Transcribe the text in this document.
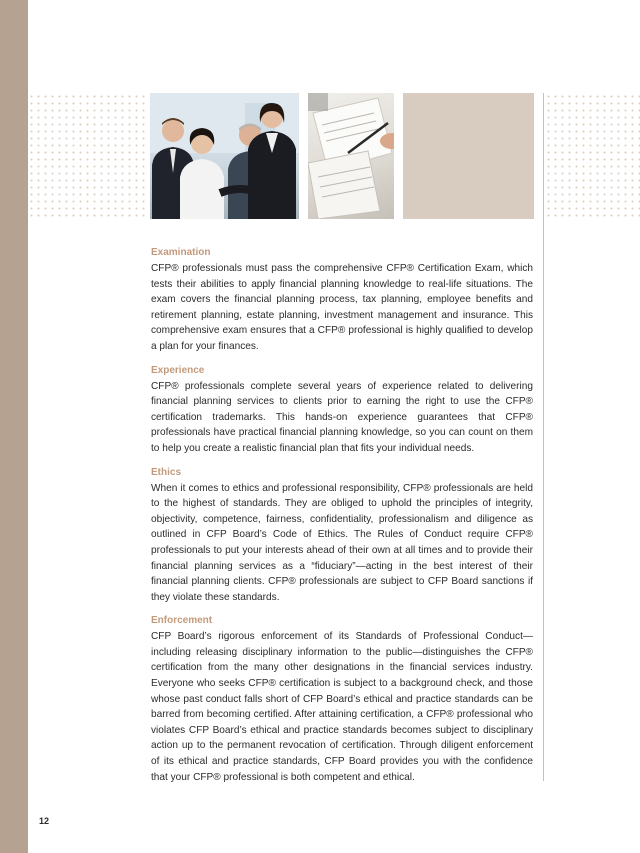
Examination

CFP® professionals must pass the comprehensive CFP® Certification Exam, which tests their abilities to apply financial planning knowledge to real-life situations. The exam covers the financial planning process, tax planning, employee benefits and retirement planning, estate planning, investment management and insurance. This comprehensive exam ensures that a CFP® professional is highly qualified to develop a plan for your finances.

Experience

CFP® professionals complete several years of experience related to delivering financial planning services to clients prior to earning the right to use the CFP® certification trademarks. This hands-on experience guarantees that CFP® professionals have practical financial planning knowledge, so you can count on them to help you create a realistic financial plan that fits your individual needs.

Ethics

When it comes to ethics and professional responsibility, CFP® professionals are held to the highest of standards. They are obliged to uphold the principles of integrity, objectivity, competence, fairness, confidentiality, professionalism and diligence as outlined in CFP Board’s Code of Ethics. The Rules of Conduct require CFP® professionals to put your interests ahead of their own at all times and to provide their financial planning services as a “fiduciary”—acting in the best interest of their financial planning clients. CFP® professionals are subject to CFP Board sanctions if they violate these standards.

Enforcement

CFP Board’s rigorous enforcement of its Standards of Professional Conduct—including releasing disciplinary information to the public—distinguishes the CFP® certification from the many other designations in the financial services industry. Everyone who seeks CFP® certification is subject to a background check, and those whose past conduct falls short of CFP Board’s ethical and practice standards can be barred from becoming certified. After attaining certification, a CFP® professional who violates CFP Board’s ethical and practice standards becomes subject to disciplinary action up to the permanent revocation of certification. Through diligent enforcement of its ethical and practice standards, CFP Board provides you with the confidence that your CFP® professional is both competent and ethical.

12
